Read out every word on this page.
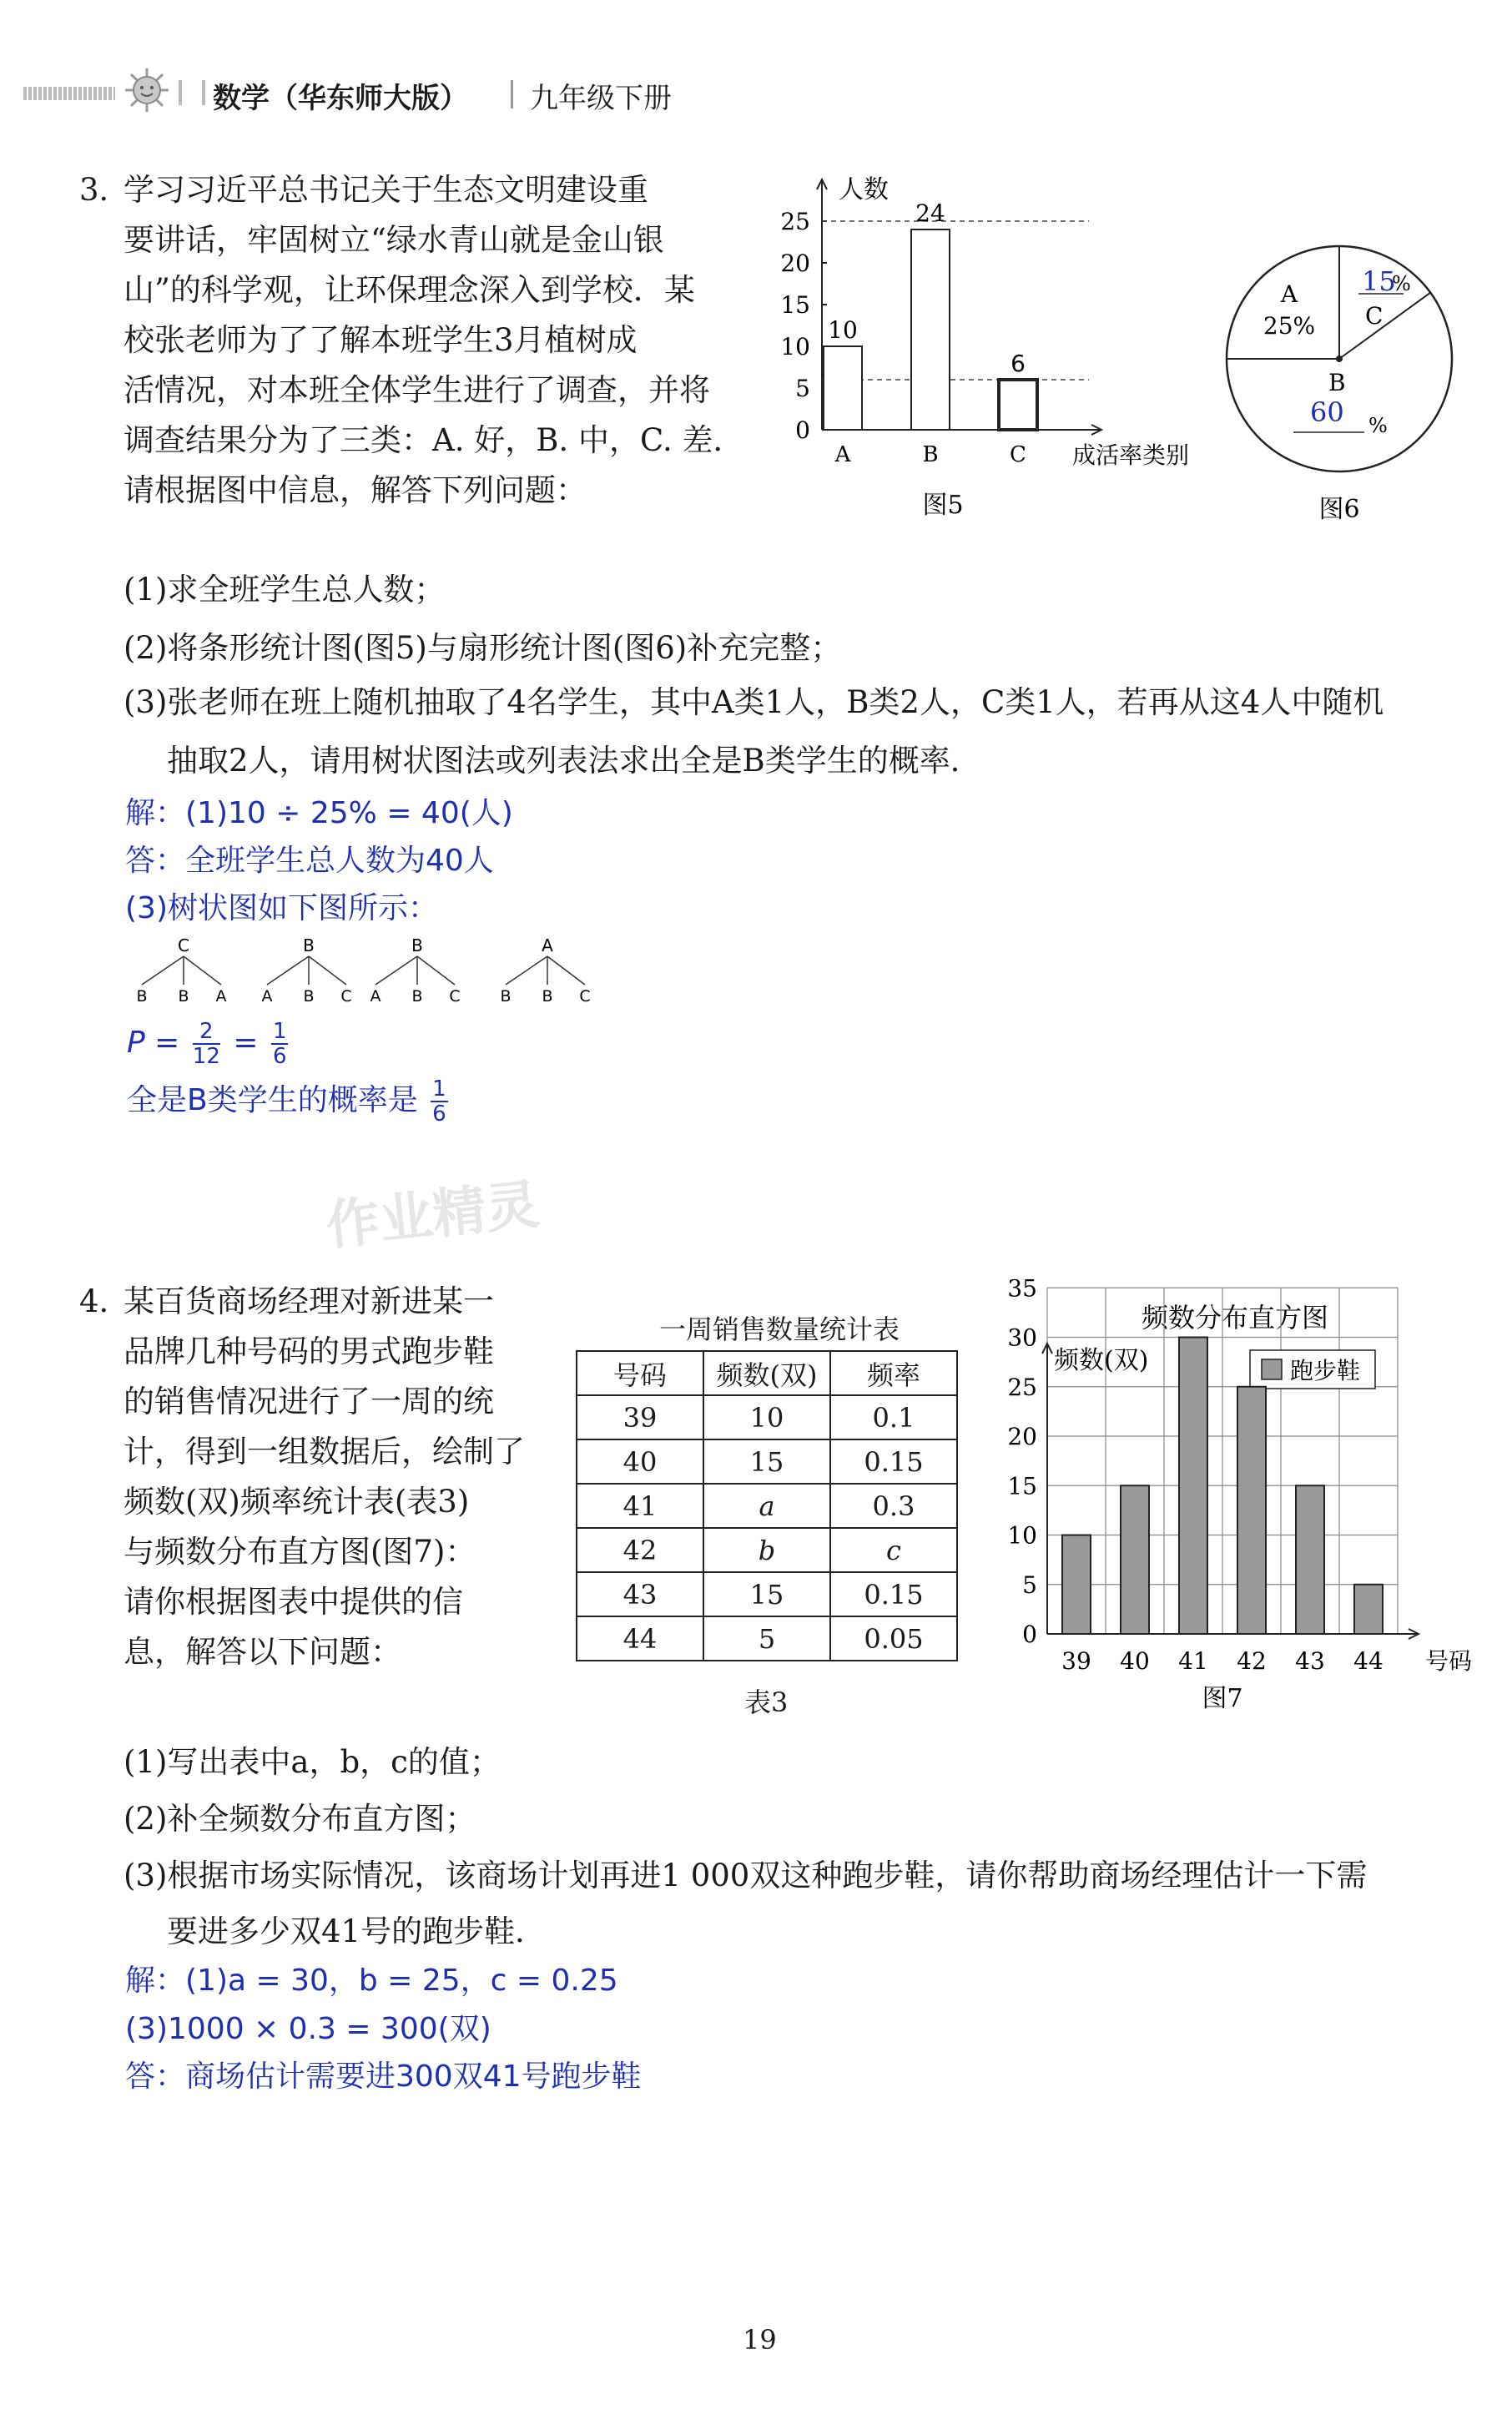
数学（华东师大版） 九年级下册
3. 学习习近平总书记关于生态文明建设重
要讲话，牢固树立“绿水青山就是金山银
山”的科学观，让环保理念深入到学校．某
校张老师为了了解本班学生3月植树成
活情况，对本班全体学生进行了调查，并将
调查结果分为了三类：A. 好，B. 中，C. 差．
请根据图中信息，解答下列问题：
人数
成活率类别
0
5
10
15
20
25
10
A
24
B
6
C
图5
A
25%
15
%
C
B
60 %
图6
(1)求全班学生总人数；
(2)将条形统计图(图5)与扇形统计图(图6)补充完整；
(3)张老师在班上随机抽取了4名学生，其中A类1人，B类2人，C类1人，若再从这4人中随机
抽取2人，请用树状图法或列表法求出全是B类学生的概率．
解：(1)10 ÷ 25% = 40(人)
答：全班学生总人数为40人
(3)树状图如下图所示：
C
B B A
B
A B C
B
A B C
A
B B C
$P = \frac{2}{12} = \frac{1}{6}$
全是B类学生的概率是 $\frac{1}{6}$
作业精灵
4. 某百货商场经理对新进某一
品牌几种号码的男式跑步鞋
的销售情况进行了一周的统
计，得到一组数据后，绘制了
频数(双)频率统计表(表3)
与频数分布直方图(图7)：
请你根据图表中提供的信
息，解答以下问题：
一周销售数量统计表
号码	频数(双)	频率
39	10	0.1
40	15	0.15
41	a	0.3
42	b	c
43	15	0.15
44	5	0.05
表3
频数分布直方图
0
5
10
15
20
25
30
35
频数(双)	跑步鞋
39 40 41 42 43 44 号码
图7
(1)写出表中a，b，c的值；
(2)补全频数分布直方图；
(3)根据市场实际情况，该商场计划再进1 000双这种跑步鞋，请你帮助商场经理估计一下需
要进多少双41号的跑步鞋．
解：(1)a = 30，b = 25，c = 0.25
(3)1000 × 0.3 = 300(双)
答：商场估计需要进300双41号跑步鞋
19
